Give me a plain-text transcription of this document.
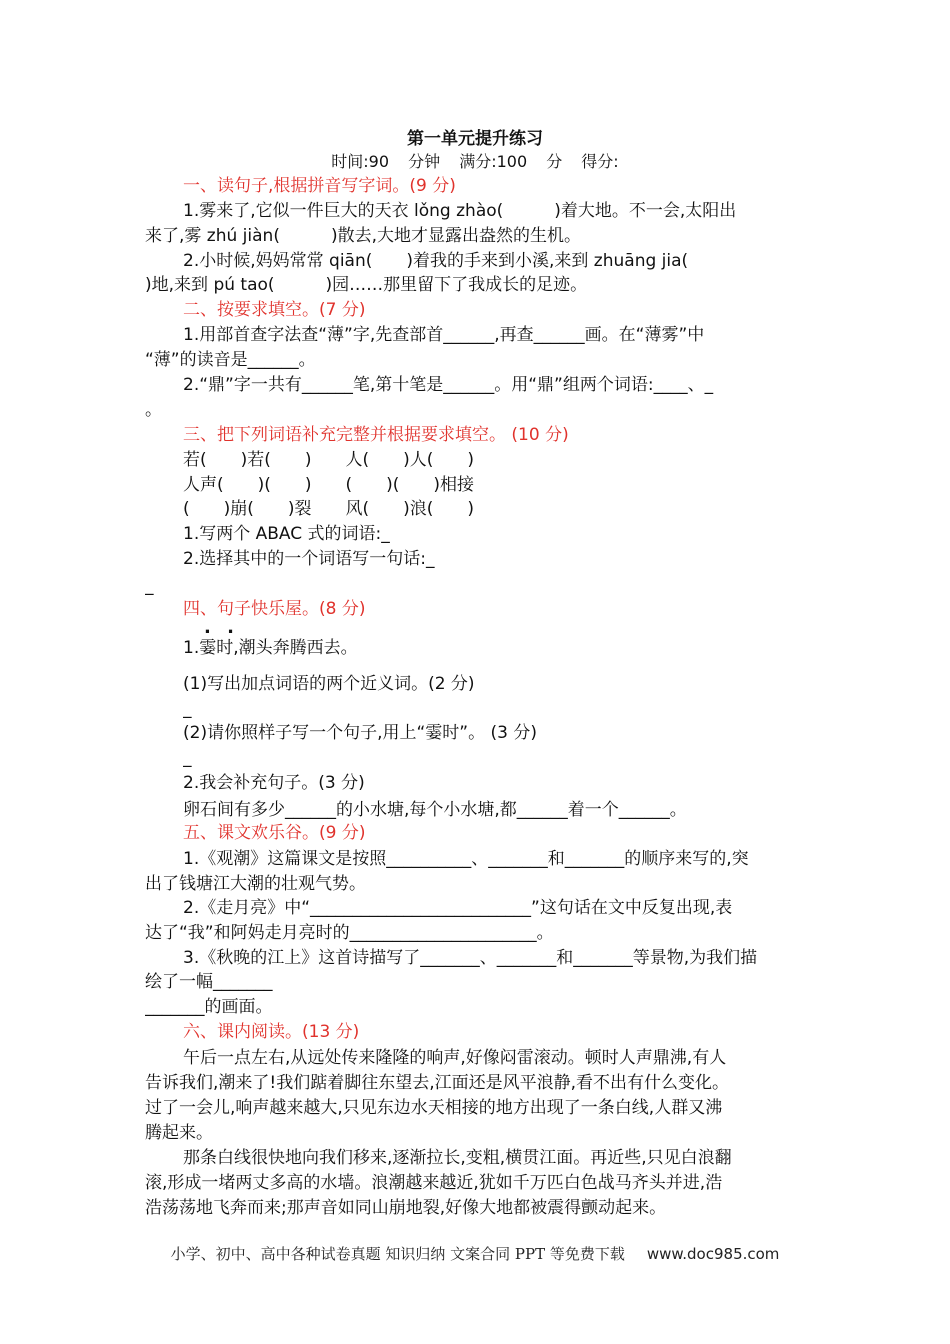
第一单元提升练习
时间:90 分钟 满分:100 分 得分:
一、读句子,根据拼音写字词。(9 分)
1.雾来了,它似一件巨大的天衣 lǒng zhào(　　　)着大地。不一会,太阳出
来了,雾 zhú jiàn(　　　)散去,大地才显露出盎然的生机。
2.小时候,妈妈常常 qiān(　　)着我的手来到小溪,来到 zhuāng jia(
)地,来到 pú tao(　　　)园……那里留下了我成长的足迹。
二、按要求填空。(7 分)
1.用部首查字法查“薄”字,先查部首______,再查______画。在“薄雾”中
“薄”的读音是______。
2.“鼎”字一共有______笔,第十笔是______。用“鼎”组两个词语:____、_
。
三、把下列词语补充完整并根据要求填空。 (10 分)
若(　　)若(　　)　　人(　　)人(　　)
人声(　　)(　　)　　(　　)(　　)相接
(　　)崩(　　)裂　　风(　　)浪(　　)
1.写两个 ABAC 式的词语:_
2.选择其中的一个词语写一句话:_
_
四、句子快乐屋。(8 分)
. .
1.霎时,潮头奔腾西去。
(1)写出加点词语的两个近义词。(2 分)
_
(2)请你照样子写一个句子,用上“霎时”。 (3 分)
_
2.我会补充句子。(3 分)
卵石间有多少______的小水塘,每个小水塘,都______着一个______。
五、课文欢乐谷。(9 分)
1.《观潮》这篇课文是按照__________、_______和_______的顺序来写的,突
出了钱塘江大潮的壮观气势。
2.《走月亮》中“__________________________”这句话在文中反复出现,表
达了“我”和阿妈走月亮时的______________________。
3.《秋晚的江上》这首诗描写了_______、_______和_______等景物,为我们描
绘了一幅_______
_______的画面。
六、课内阅读。(13 分)
午后一点左右,从远处传来隆隆的响声,好像闷雷滚动。顿时人声鼎沸,有人
告诉我们,潮来了!我们踮着脚往东望去,江面还是风平浪静,看不出有什么变化。
过了一会儿,响声越来越大,只见东边水天相接的地方出现了一条白线,人群又沸
腾起来。
那条白线很快地向我们移来,逐渐拉长,变粗,横贯江面。再近些,只见白浪翻
滚,形成一堵两丈多高的水墙。浪潮越来越近,犹如千万匹白色战马齐头并进,浩
浩荡荡地飞奔而来;那声音如同山崩地裂,好像大地都被震得颤动起来。
小学、初中、高中各种试卷真题 知识归纳 文案合同 PPT 等免费下载 www.doc985.com
